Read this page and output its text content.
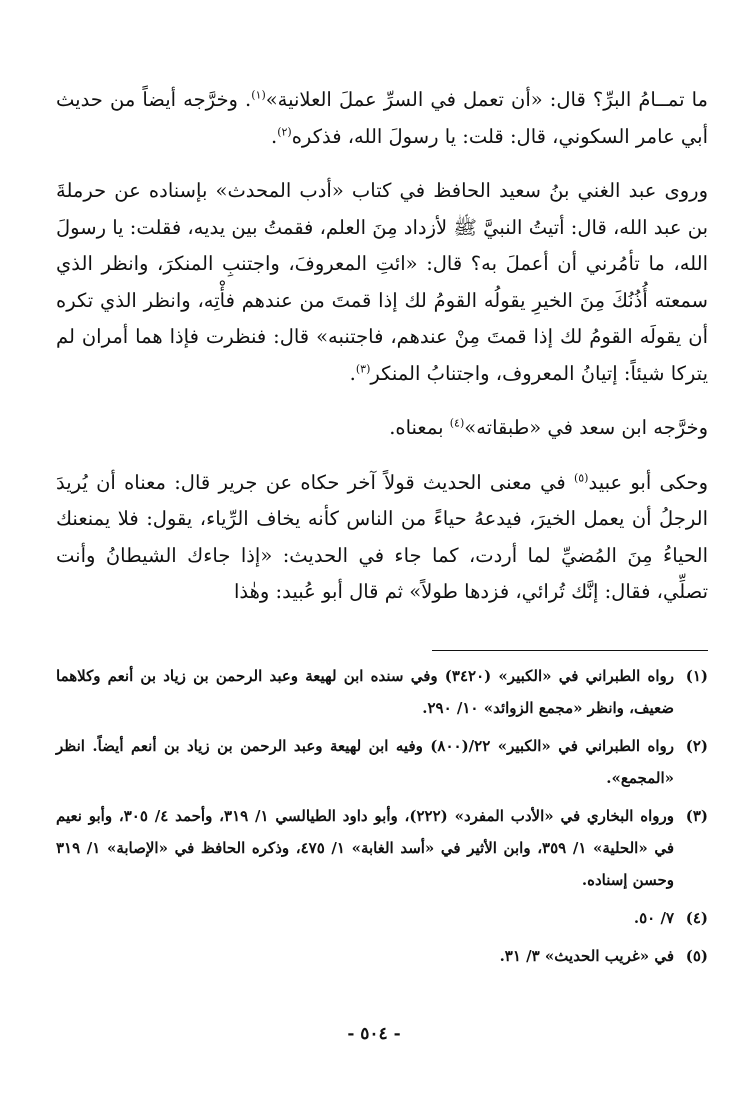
ما تمــامُ البرِّ؟ قال: «أن تعمل في السرِّ عملَ العلانية»$^{(١)}$. وخرَّجه أيضاً من حديث أبي عامر السكوني، قال: قلت: يا رسولَ الله، فذكره$^{(٢)}$.

وروى عبد الغني بنُ سعيد الحافظ في كتاب «أدب المحدث» بإسناده عن حرملةَ بن عبد الله، قال: أتيتُ النبيَّ ﷺ لأزداد مِنَ العلم، فقمتُ بين يديه، فقلت: يا رسولَ الله، ما تأمُرني أن أعملَ به؟ قال: «ائتِ المعروفَ، واجتنبِ المنكرَ، وانظر الذي سمعته أُذُنُكَ مِنَ الخيرِ يقولُه القومُ لك إذا قمتَ من عندهم فأْتِه، وانظر الذي تكره أن يقولَه القومُ لك إذا قمتَ مِنْ عندهم، فاجتنبه» قال: فنظرت فإذا هما أمران لم يتركا شيئاً: إتيانُ المعروف، واجتنابُ المنكر$^{(٣)}$.

وخرَّجه ابن سعد في «طبقاته»$^{(٤)}$ بمعناه.

وحكى أبو عبيد$^{(٥)}$ في معنى الحديث قولاً آخر حكاه عن جرير قال: معناه أن يُريدَ الرجلُ أن يعمل الخيرَ، فيدعهُ حياءً من الناس كأنه يخاف الرِّياء، يقول: فلا يمنعنك الحياءُ مِنَ المُضيِّ لما أردت، كما جاء في الحديث: «إذا جاءك الشيطانُ وأنت تصلِّي، فقال: إنَّك تُرائي، فزدها طولاً» ثم قال أبو عُبيد: وهٰذا

(١)
رواه الطبراني في «الكبير» (٣٤٢٠) وفي سنده ابن لهيعة وعبد الرحمن بن زياد بن أنعم وكلاهما ضعيف، وانظر «مجمع الزوائد» ١٠/ ٢٩٠.

(٢)
رواه الطبراني في «الكبير» ٢٢/(٨٠٠) وفيه ابن لهيعة وعبد الرحمن بن زياد بن أنعم أيضاً. انظر «المجمع».

(٣)
ورواه البخاري في «الأدب المفرد» (٢٢٢)، وأبو داود الطيالسي ١/ ٣١٩، وأحمد ٤/ ٣٠٥، وأبو نعيم في «الحلية» ١/ ٣٥٩، وابن الأثير في «أسد الغابة» ١/ ٤٧٥، وذكره الحافظ في «الإصابة» ١/ ٣١٩ وحسن إسناده.

(٤)
٧/ ٥٠.

(٥)
في «غريب الحديث» ٣/ ٣١.

- ٥٠٤ -
